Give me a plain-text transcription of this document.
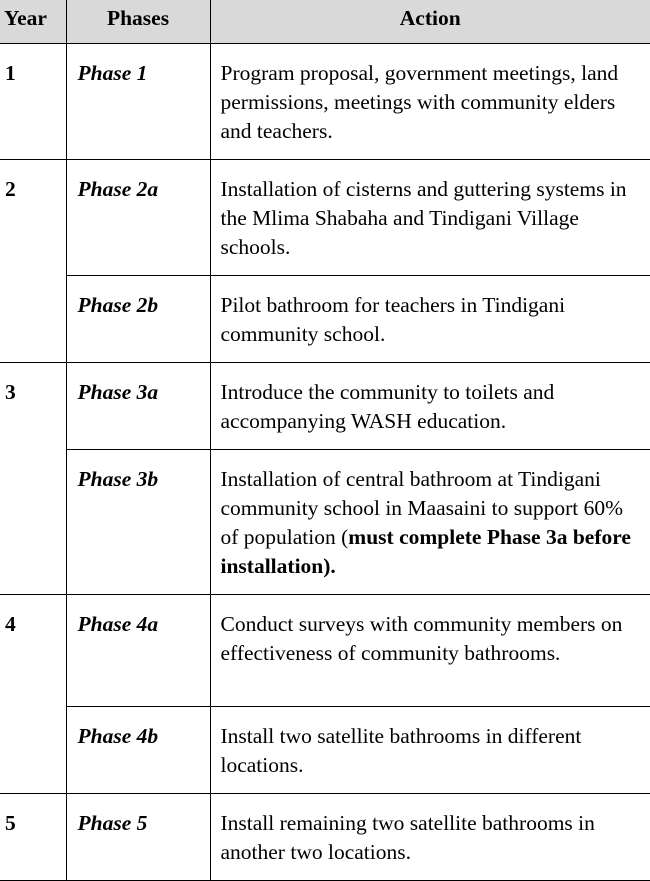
Year	Phases	Action
1	Phase 1	Program proposal, government meetings, land permissions, meetings with community elders and teachers.
2	Phase 2a	Installation of cisterns and guttering systems in the Mlima Shabaha and Tindigani Village schools.
	Phase 2b	Pilot bathroom for teachers in Tindigani community school.
3	Phase 3a	Introduce the community to toilets and accompanying WASH education.
	Phase 3b	Installation of central bathroom at Tindigani community school in Maasaini to support 60% of population (must complete Phase 3a before installation).
4	Phase 4a	Conduct surveys with community members on effectiveness of community bathrooms.
	Phase 4b	Install two satellite bathrooms in different locations.
5	Phase 5	Install remaining two satellite bathrooms in another two locations.
